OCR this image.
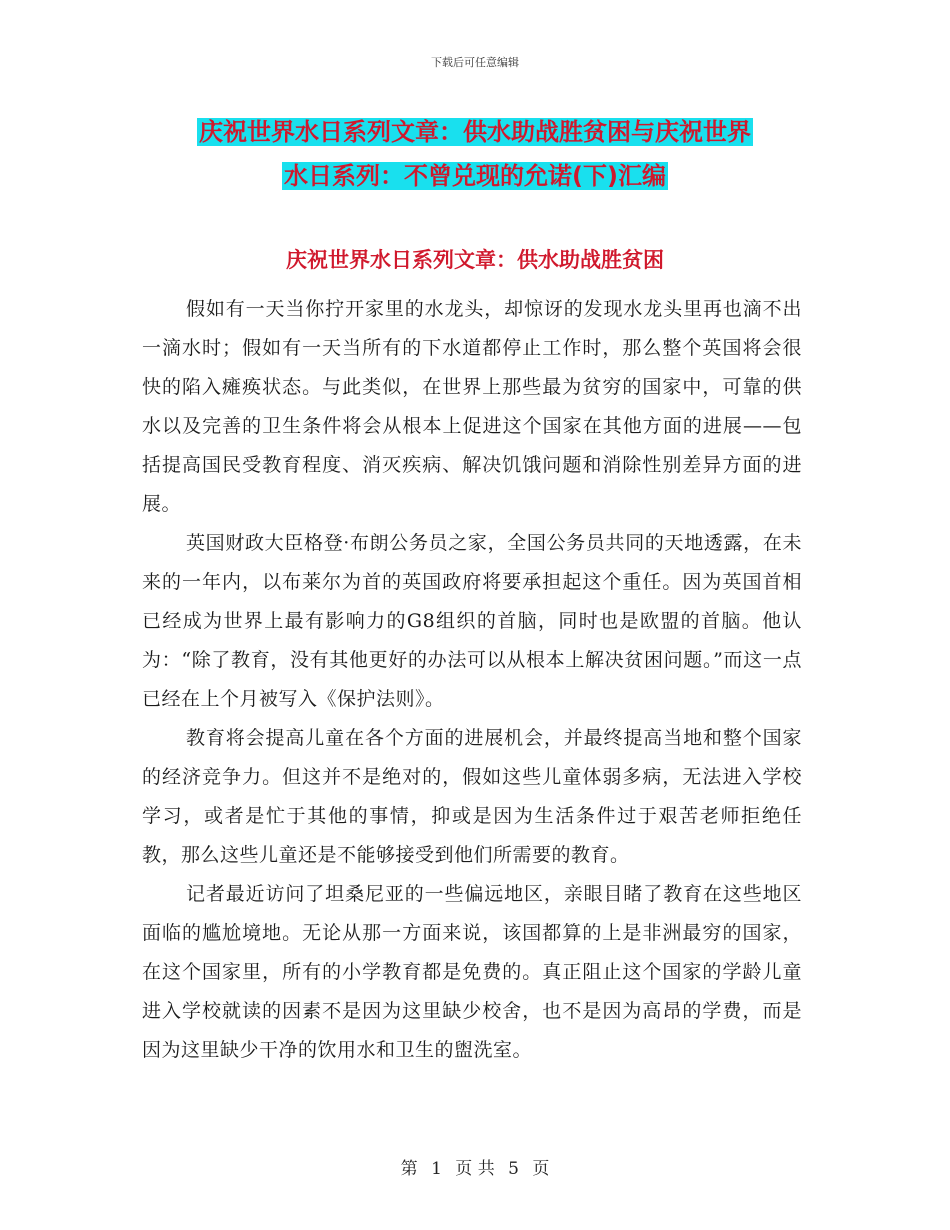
下载后可任意编辑
庆祝世界水日系列文章：供水助战胜贫困与庆祝世界
水日系列：不曾兑现的允诺(下)汇编
庆祝世界水日系列文章：供水助战胜贫困

假如有一天当你拧开家里的水龙头，却惊讶的发现水龙头里再也滴不出一滴水时；假如有一天当所有的下水道都停止工作时，那么整个英国将会很快的陷入瘫痪状态。与此类似，在世界上那些最为贫穷的国家中，可靠的供水以及完善的卫生条件将会从根本上促进这个国家在其他方面的进展——包括提高国民受教育程度、消灭疾病、解决饥饿问题和消除性别差异方面的进展。

英国财政大臣格登·布朗公务员之家，全国公务员共同的天地透露，在未来的一年内，以布莱尔为首的英国政府将要承担起这个重任。因为英国首相已经成为世界上最有影响力的G8组织的首脑，同时也是欧盟的首脑。他认为：“除了教育，没有其他更好的办法可以从根本上解决贫困问题。”而这一点已经在上个月被写入《保护法则》。

教育将会提高儿童在各个方面的进展机会，并最终提高当地和整个国家的经济竞争力。但这并不是绝对的，假如这些儿童体弱多病，无法进入学校学习，或者是忙于其他的事情，抑或是因为生活条件过于艰苦老师拒绝任教，那么这些儿童还是不能够接受到他们所需要的教育。

记者最近访问了坦桑尼亚的一些偏远地区，亲眼目睹了教育在这些地区面临的尴尬境地。无论从那一方面来说，该国都算的上是非洲最穷的国家，在这个国家里，所有的小学教育都是免费的。真正阻止这个国家的学龄儿童进入学校就读的因素不是因为这里缺少校舍，也不是因为高昂的学费，而是因为这里缺少干净的饮用水和卫生的盥洗室。

第 1 页 共 5 页
